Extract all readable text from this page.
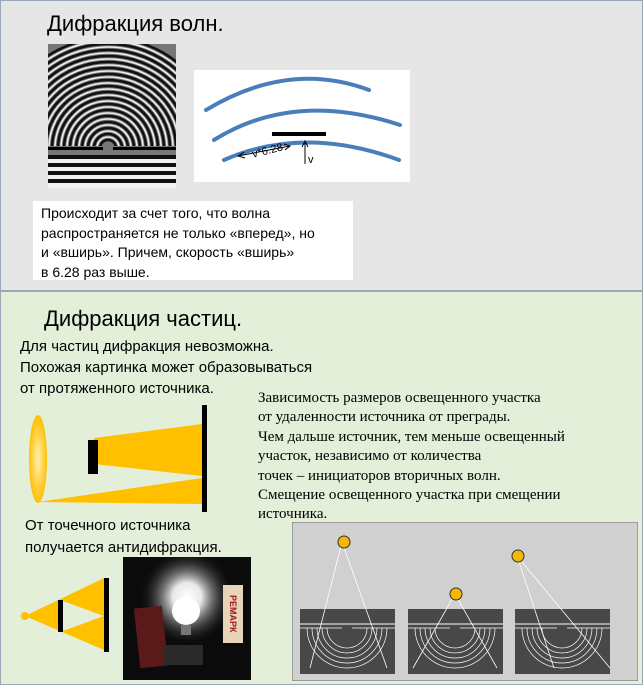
Дифракция волн.
v
v*6.28
Происходит за счет того, что волна
распространяется не только «вперед», но
и «вширь». Причем, скорость «вширь»
в 6.28 раз выше.
Дифракция частиц.
Для частиц дифракция невозможна.
Похожая картинка может образовываться
от протяженного источника.
От точечного источника
получается антидифракция.
РЕМАРК
Зависимость размеров освещенного участка
от удаленности источника от преграды.
Чем дальше источник, тем меньше освещенный
участок, независимо от количества
точек – инициаторов вторичных волн.
Смещение освещенного участка при смещении
источника.
